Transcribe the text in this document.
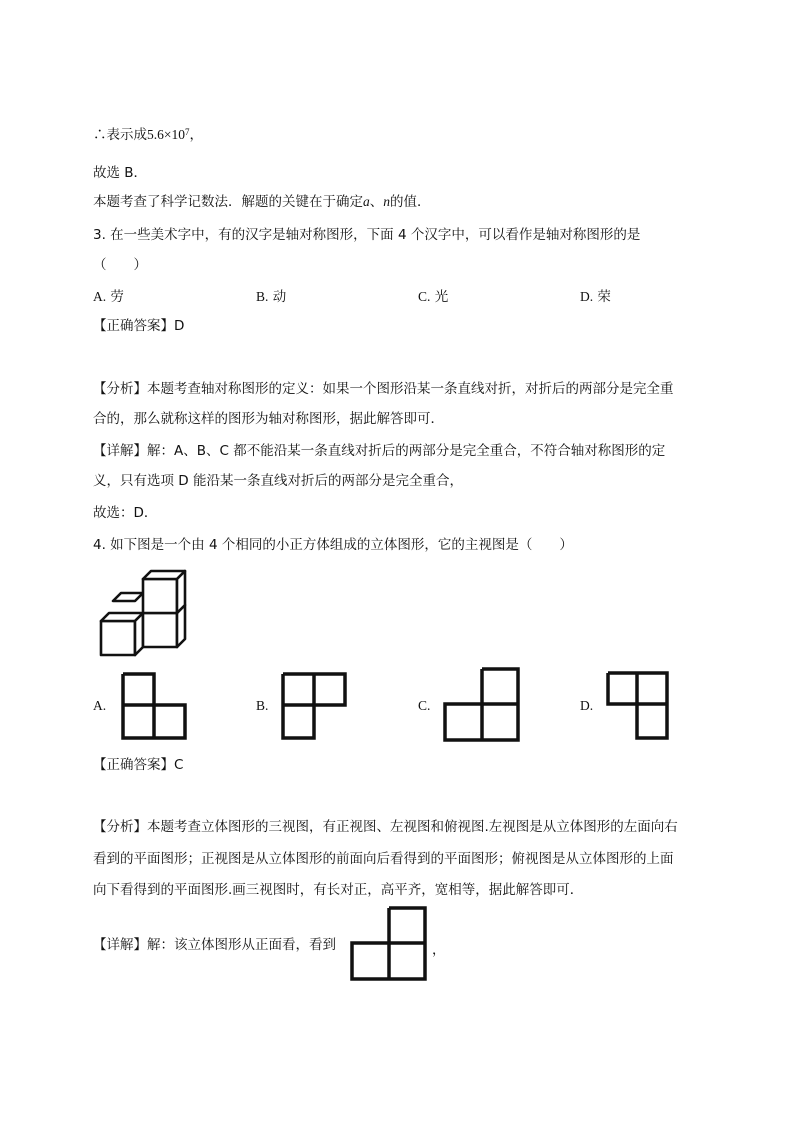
∴表示成$5.6\times 10^7$，
故选 B．
本题考查了科学记数法．解题的关键在于确定a、n的值．
3. 在一些美术字中，有的汉字是轴对称图形，下面 4 个汉字中，可以看作是轴对称图形的是
（　　）
A. 劳	B. 动	C. 光	D. 荣
【正确答案】D
【分析】本题考查轴对称图形的定义：如果一个图形沿某一条直线对折，对折后的两部分是完全重
合的，那么就称这样的图形为轴对称图形，据此解答即可．
【详解】解：A、B、C 都不能沿某一条直线对折后的两部分是完全重合，不符合轴对称图形的定
义，只有选项 D 能沿某一条直线对折后的两部分是完全重合，
故选：D．
4. 如下图是一个由 4 个相同的小正方体组成的立体图形，它的主视图是（　　）
A.	B.	C.	D.
【正确答案】C
【分析】本题考查立体图形的三视图，有正视图、左视图和俯视图.左视图是从立体图形的左面向右
看到的平面图形；正视图是从立体图形的前面向后看得到的平面图形；俯视图是从立体图形的上面
向下看得到的平面图形.画三视图时，有长对正，高平齐，宽相等，据此解答即可．
【详解】解：该立体图形从正面看，看到	，
